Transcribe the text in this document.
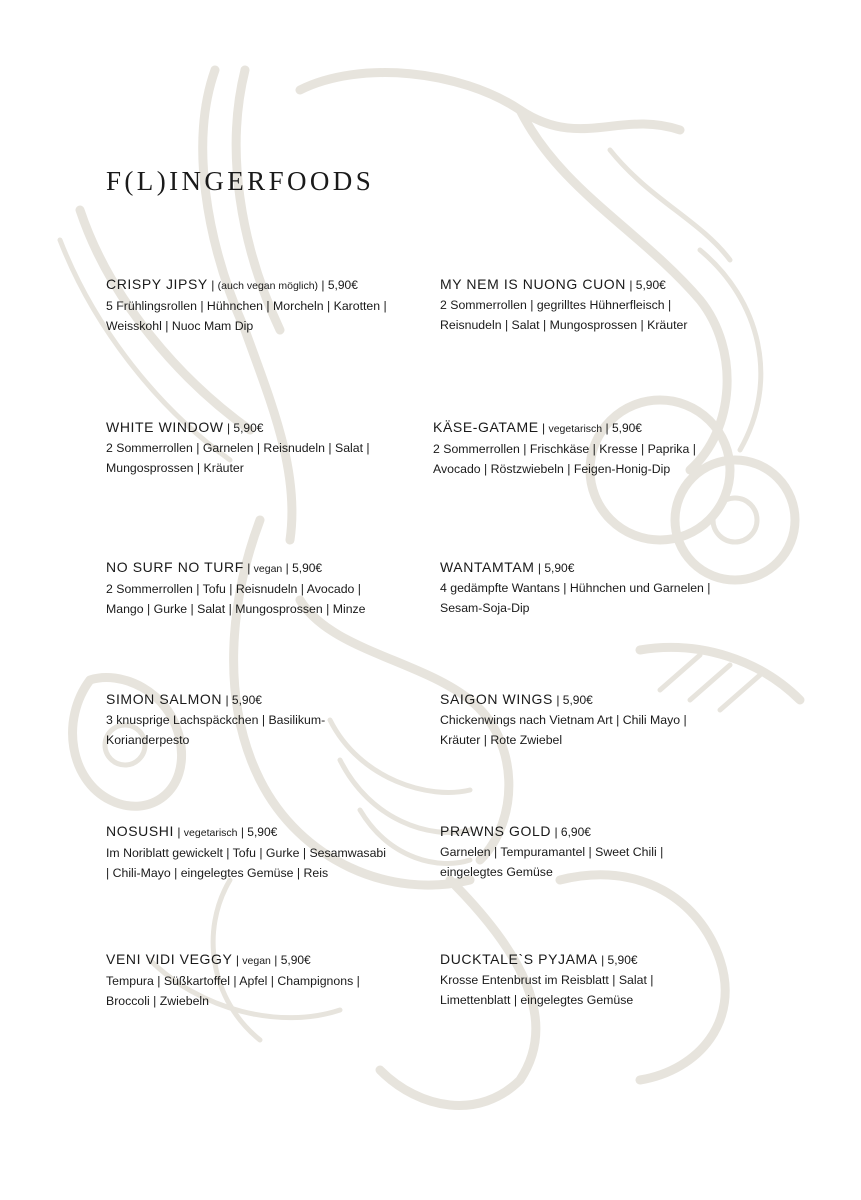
F(L)INGERFOODS
CRISPY JIPSY | (auch vegan möglich) | 5,90€
5 Frühlingsrollen | Hühnchen | Morcheln | Karotten |
Weisskohl | Nuoc Mam Dip
MY NEM IS NUONG CUON | 5,90€
2 Sommerrollen | gegrilltes Hühnerfleisch |
Reisnudeln | Salat | Mungosprossen | Kräuter
WHITE WINDOW | 5,90€
2 Sommerrollen | Garnelen | Reisnudeln | Salat |
Mungosprossen | Kräuter
KÄSE-GATAME | vegetarisch | 5,90€
2 Sommerrollen | Frischkäse | Kresse | Paprika |
Avocado | Röstzwiebeln | Feigen-Honig-Dip
NO SURF NO TURF | vegan | 5,90€
2 Sommerrollen | Tofu | Reisnudeln | Avocado |
Mango | Gurke | Salat | Mungosprossen | Minze
WANTAMTAM | 5,90€
4 gedämpfte Wantans | Hühnchen und Garnelen |
Sesam-Soja-Dip
SIMON SALMON | 5,90€
3 knusprige Lachspäckchen | Basilikum-
Korianderpesto
SAIGON WINGS | 5,90€
Chickenwings nach Vietnam Art | Chili Mayo |
Kräuter | Rote Zwiebel
NOSUSHI | vegetarisch | 5,90€
Im Noriblatt gewickelt | Tofu | Gurke | Sesamwasabi
| Chili-Mayo | eingelegtes Gemüse | Reis
PRAWNS GOLD | 6,90€
Garnelen | Tempuramantel | Sweet Chili |
eingelegtes Gemüse
VENI VIDI VEGGY | vegan | 5,90€
Tempura | Süßkartoffel | Apfel | Champignons |
Broccoli | Zwiebeln
DUCKTALE`S PYJAMA | 5,90€
Krosse Entenbrust im Reisblatt | Salat |
Limettenblatt | eingelegtes Gemüse
